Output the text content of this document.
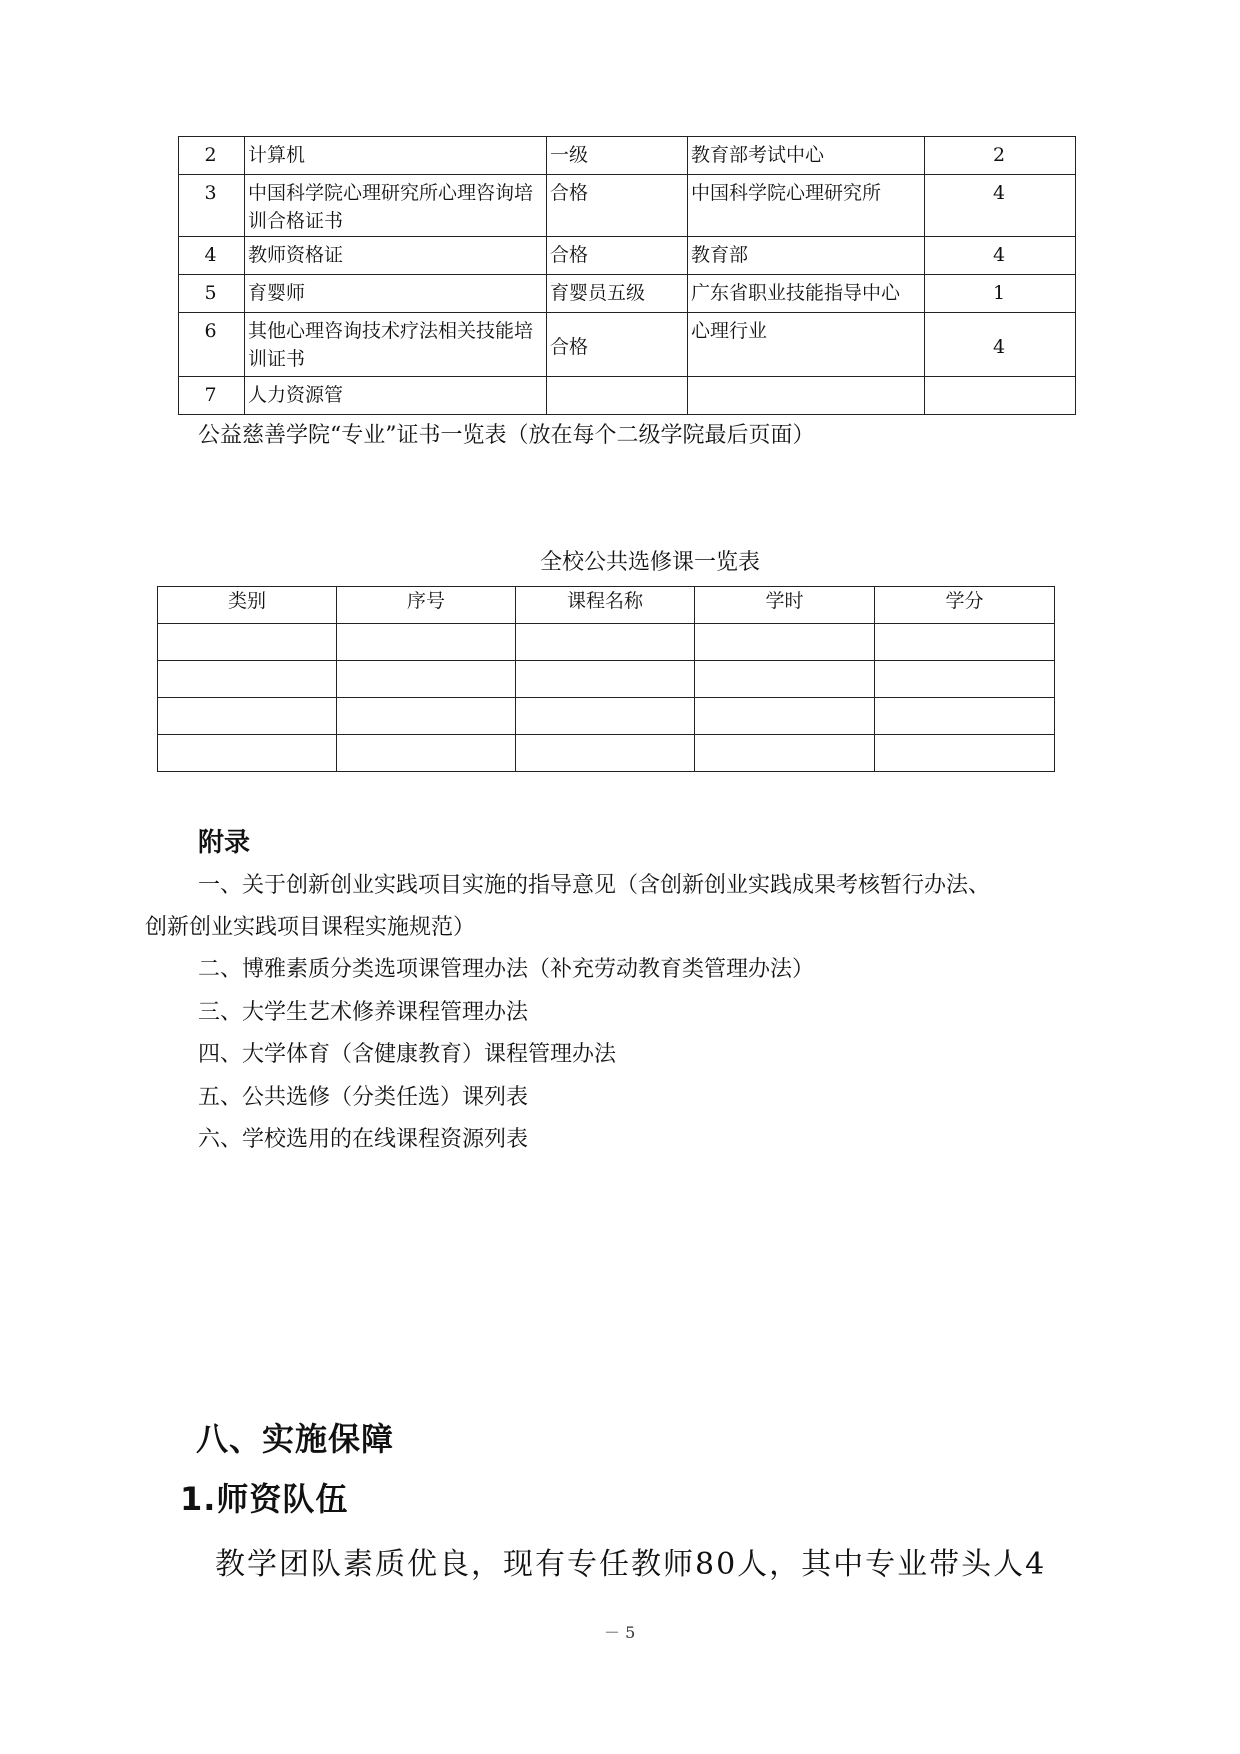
2	计算机	一级	教育部考试中心	2
3	中国科学院心理研究所心理咨询培训合格证书	合格	中国科学院心理研究所	4
4	教师资格证	合格	教育部	4
5	育婴师	育婴员五级	广东省职业技能指导中心	1
6	其他心理咨询技术疗法相关技能培训证书	合格	心理行业	4
7	人力资源管			
公益慈善学院“专业”证书一览表（放在每个二级学院最后页面）
全校公共选修课一览表
类别	序号	课程名称	学时	学分

附录
一、关于创新创业实践项目实施的指导意见（含创新创业实践成果考核暂行办法、
创新创业实践项目课程实施规范）
二、博雅素质分类选项课管理办法（补充劳动教育类管理办法）
三、大学生艺术修养课程管理办法
四、大学体育（含健康教育）课程管理办法
五、公共选修（分类任选）课列表
六、学校选用的在线课程资源列表
八、实施保障
1.师资队伍
教学团队素质优良，现有专任教师80人，其中专业带头人4
－ 5
